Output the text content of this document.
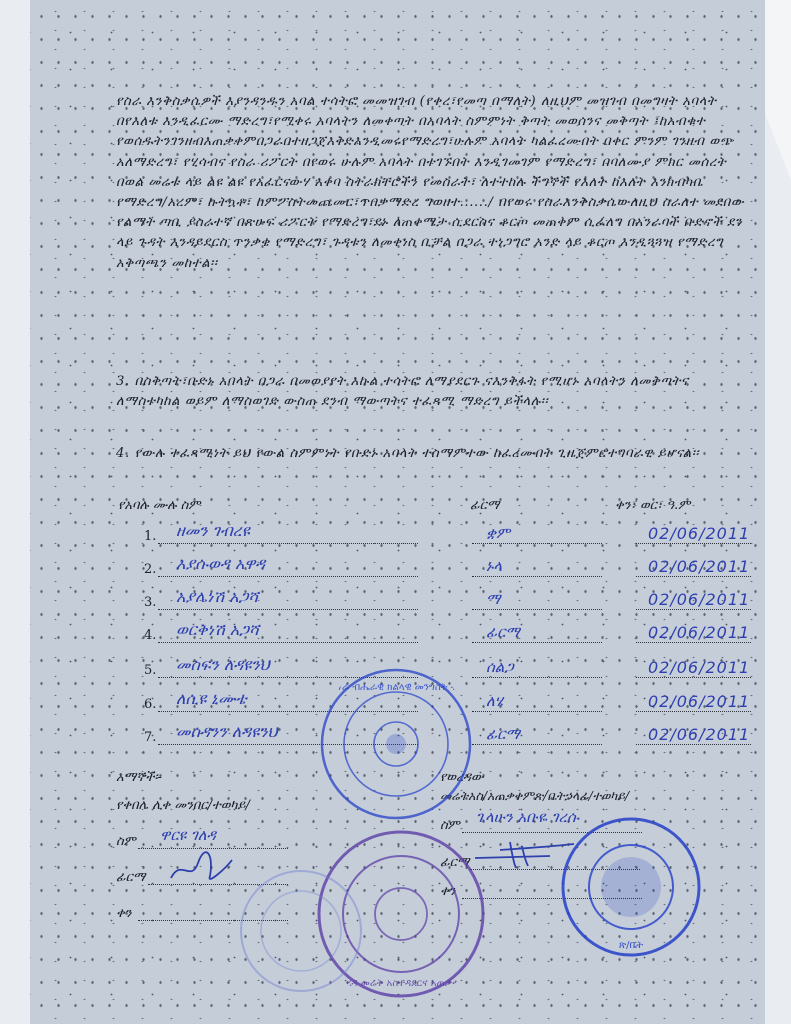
የስራ እንቅስቃሴዎች እያንዳንዱን አባል ተሳትፎ መመዝገብ (የቀረ፣የመጣ በማለት) ለዚህም መዝገብ በመግዛት አባላት በየእለቱ እንዲፈርሙ ማድረግ፣የሚቀሩ አባላትን ለመቀጣት በአባላት ስምምነት ቅጣት መወሰንና መቅጣት ፤ከአብቁተ የወሰዱትንገንዘብእጠቃቀምበጋራበተዘጋጀእቅድእንዲመሩየማድረግ፣ሁሉም አባላት ካልፈረሙበት በቀር ምንም ገንዘብ ወጭ አለማድረግ፣ የሂሳብና የስራ ሪፖርት በየወሩ ሁሉም አባላት በተገኙበት እንዲገመገም የማድረግ፣ በባለሙያ ምክር መሰረት በወል መሬቱ ላይ ልዩ ልዩ የአፈርናውሃ እቀባ ስትራክቸሮችን የመስራት፣ ለተተከሉ ችግኞች የእለት ከእለት እንክብካቤ የማድረግ/አረም፣ ኩትኳቶ፣ ከምፖስትመጨመር፣ጥበቃማድረ ግወዘተ....../ በየወሩ የስራእንቅስቃሴውለዚህ ስራለተ መደበው የልማት ጣቢ ያስራተኛ በጽሁፍ ሪፖርት የማድረግ፣ደኑ ለጠቀሜታ ሲደርስና ቆርጦ መጠቀም ሲፈለግ በአንራባች ቡድኖች ደን ላይ ጉዳት እንዳይደርስ ጥንቃቄ የማድረግ፣ ጉዳቱን ለመቀነስ ቢቻል በጋራ ተነጋግሮ አንድ ላይ ቆርጦ እንዲጓጓዝ የማድረግ አቅጣጫን መከተል፡፡
3. በስቅጣት፣ቡድኑ አባላት በጋራ በመወያየት እኩል ተሳትፎ ለማያደርጉ ናእንቅፋት የሚሆኑ አባላትን ለመቅጣትና ለማስተካከል ወይም ለማስወገድ ውስጠ ደንብ ማውጣትና ተፈጻሚ ማድረግ ይችላሉ፡፡
4. የውሉ ተፈጻሚነት ይህ የውል ስምምነት የቡድኑ አባላት ተስማምተው ከፈረሙበት ጊዜጀምሮተግባራዊ ይሆናል፡፡
የአባሉ ሙሉ ስም	ፊርማ	ቀን፣ ወር፣ ዓ.ም
1. ዘመን ገብረዩ	ቋም	02/06/2011
2. እያሱወዳ አዋዳ	ኑላ	02/06/2011
3. አያሌነሽ አጋሻ	ማ	02/06/2011
4. ወርቅነሽ አጋሻ	ፊርማ	02/06/2011
5. መስፍን ለዳዩንህ	ሰልጋ	02/06/2011
6. ለሲዩ ኒሙቴ	ለሄ	02/06/2011
7. መሰዳንን ለዳዩንህ	ፊርማ	02/06/2011
እማኞች፡-
የቀበሌ ሊቀ መንበር/ተወካይ/
ስም ዋርዩ ገለዳ
ፊርማ
ቀን
የወረዳው
መሬትአስ/አጠቃቀምጽ/ቤትኃላፊ/ተወካይ/
ስም ጌላሁን አቡዬ ገረሱ
ፊርማ
ቀን
የአማራ ብሔራዊ ክልላዊ መንግስት ቀበሌ
የወረዳ መሬት አስተዳደርና አጠቃቀም
ጽ/ቤት
